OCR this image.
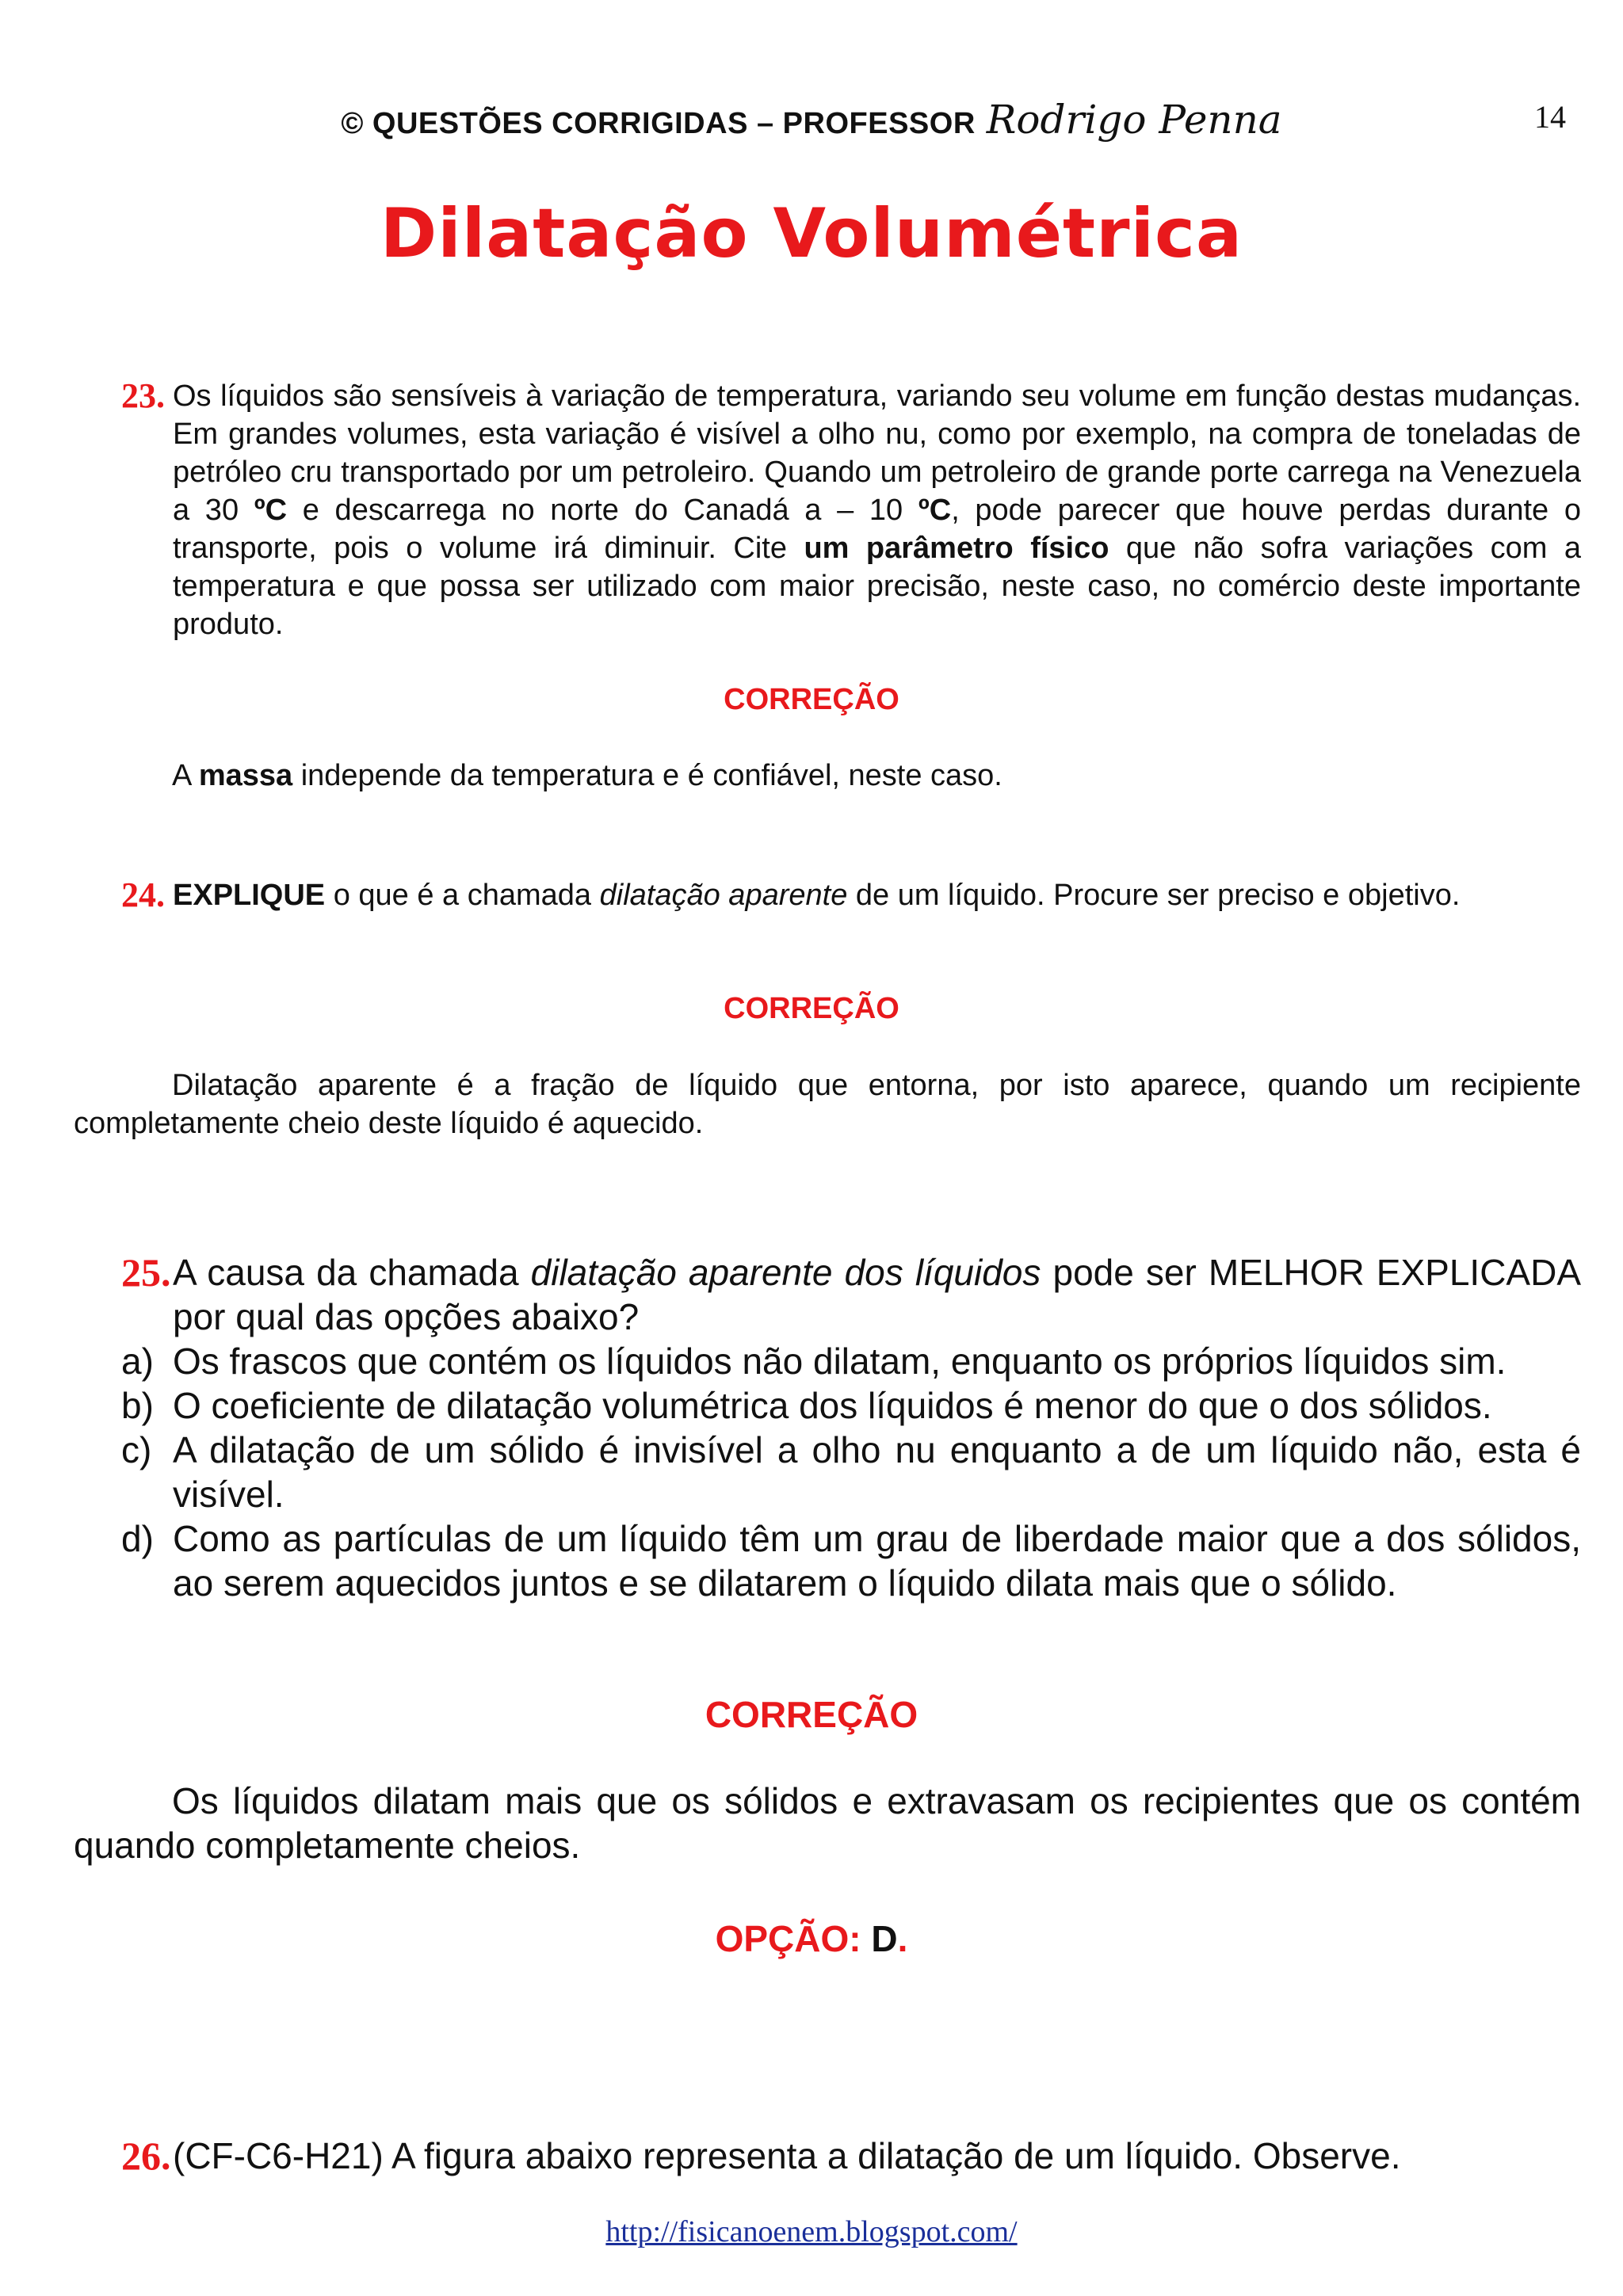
© QUESTÕES CORRIGIDAS – PROFESSOR Rodrigo Penna	14
Dilatação Volumétrica
23. Os líquidos são sensíveis à variação de temperatura, variando seu volume em função destas mudanças. Em grandes volumes, esta variação é visível a olho nu, como por exemplo, na compra de toneladas de petróleo cru transportado por um petroleiro. Quando um petroleiro de grande porte carrega na Venezuela a 30 ºC e descarrega no norte do Canadá a – 10 ºC, pode parecer que houve perdas durante o transporte, pois o volume irá diminuir. Cite um parâmetro físico que não sofra variações com a temperatura e que possa ser utilizado com maior precisão, neste caso, no comércio deste importante produto.
CORREÇÃO
A massa independe da temperatura e é confiável, neste caso.
24. EXPLIQUE o que é a chamada dilatação aparente de um líquido. Procure ser preciso e objetivo.
CORREÇÃO
Dilatação aparente é a fração de líquido que entorna, por isto aparece, quando um recipiente completamente cheio deste líquido é aquecido.
25. A causa da chamada dilatação aparente dos líquidos pode ser MELHOR EXPLICADA por qual das opções abaixo?
a) Os frascos que contém os líquidos não dilatam, enquanto os próprios líquidos sim.
b) O coeficiente de dilatação volumétrica dos líquidos é menor do que o dos sólidos.
c) A dilatação de um sólido é invisível a olho nu enquanto a de um líquido não, esta é visível.
d) Como as partículas de um líquido têm um grau de liberdade maior que a dos sólidos, ao serem aquecidos juntos e se dilatarem o líquido dilata mais que o sólido.
CORREÇÃO
Os líquidos dilatam mais que os sólidos e extravasam os recipientes que os contém quando completamente cheios.
OPÇÃO: D.
26. (CF-C6-H21) A figura abaixo representa a dilatação de um líquido. Observe.
http://fisicanoenem.blogspot.com/
